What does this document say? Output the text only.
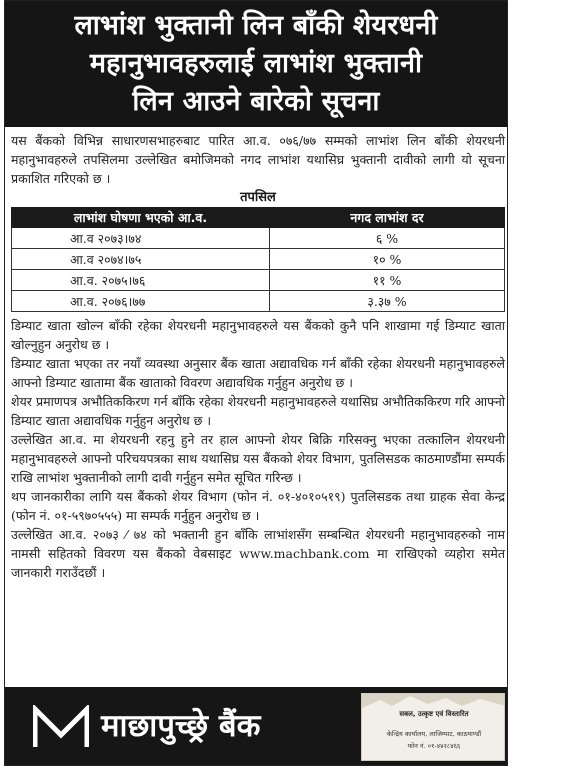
लाभांश भुक्तानी लिन बाँकी शेयरधनी
महानुभावहरुलाई लाभांश भुक्तानी
लिन आउने बारेको सूचना

यस बैंकको विभिन्न साधारणसभाहरुबाट पारित आ.व. ०७६/७७ सम्मको लाभांश लिन बाँकी शेयरधनी महानुभावहरुले तपसिलमा उल्लेखित बमोजिमको नगद लाभांश यथासिघ्र भुक्तानी दावीको लागी यो सूचना प्रकाशित गरिएको छ ।

तपसिल
लाभांश घोषणा भएको आ.व.	नगद लाभांश दर
आ.व २०७३।७४	६ %
आ.व २०७४।७५	१० %
आ.व. २०७५।७६	११ %
आ.व. २०७६।७७	३.३७ %

डिम्याट खाता खोल्न बाँकी रहेका शेयरधनी महानुभावहरुले यस बैंकको कुनै पनि शाखामा गई डिम्याट खाता खोल्नुहुन अनुरोध छ ।

डिम्याट खाता भएका तर नयाँ व्यवस्था अनुसार बैंक खाता अद्यावधिक गर्न बाँकी रहेका शेयरधनी महानुभावहरुले आफ्नो डिम्याट खातामा बैंक खाताको विवरण अद्यावधिक गर्नुहुन अनुरोध छ ।

शेयर प्रमाणपत्र अभौतिककिरण गर्न बाँकि रहेका शेयरधनी महानुभावहरुले यथासिघ्र अभौतिककिरण गरि आफ्नो डिम्याट खाता अद्यावधिक गर्नुहुन अनुरोध छ ।

उल्लेखित आ.व. मा शेयरधनी रहनु हुने तर हाल आफ्नो शेयर बिक्रि गरिसक्नु भएका तत्कालिन शेयरधनी महानुभावहरुले आफ्नो परिचयपत्रका साथ यथासिघ्र यस बैंकको शेयर विभाग, पुतलिसडक काठमाण्डौंमा सम्पर्क राखि लाभांश भुक्तानीको लागी दावी गर्नुहुन समेत सूचित गरिन्छ ।

थप जानकारीका लागि यस बैंकको शेयर विभाग (फोन नं. ०१-४०१०५१९) पुतलिसडक तथा ग्राहक सेवा केन्द्र (फोन नं. ०१-५९७०५५५) मा सम्पर्क गर्नुहुन अनुरोध छ ।

उल्लेखित आ.व. २०७३ ⁄ ७४ को भक्तानी हुन बाँकि लाभांशसँग सम्बन्धित शेयरधनी महानुभावहरुको नाम नामसी सहितको विवरण यस बैंकको वेबसाइट www.machbank.com मा राखिएको व्यहोरा समेत जानकारी गराउँदछौं ।

माछापुच्छ्रे बैंक	सबल, उत्कृष्ट एवं विस्तारित
केन्द्रिय कार्यालय, लाजिम्पाट, काठमाण्डौं
फोन नं. ०१-४४२८४६६
